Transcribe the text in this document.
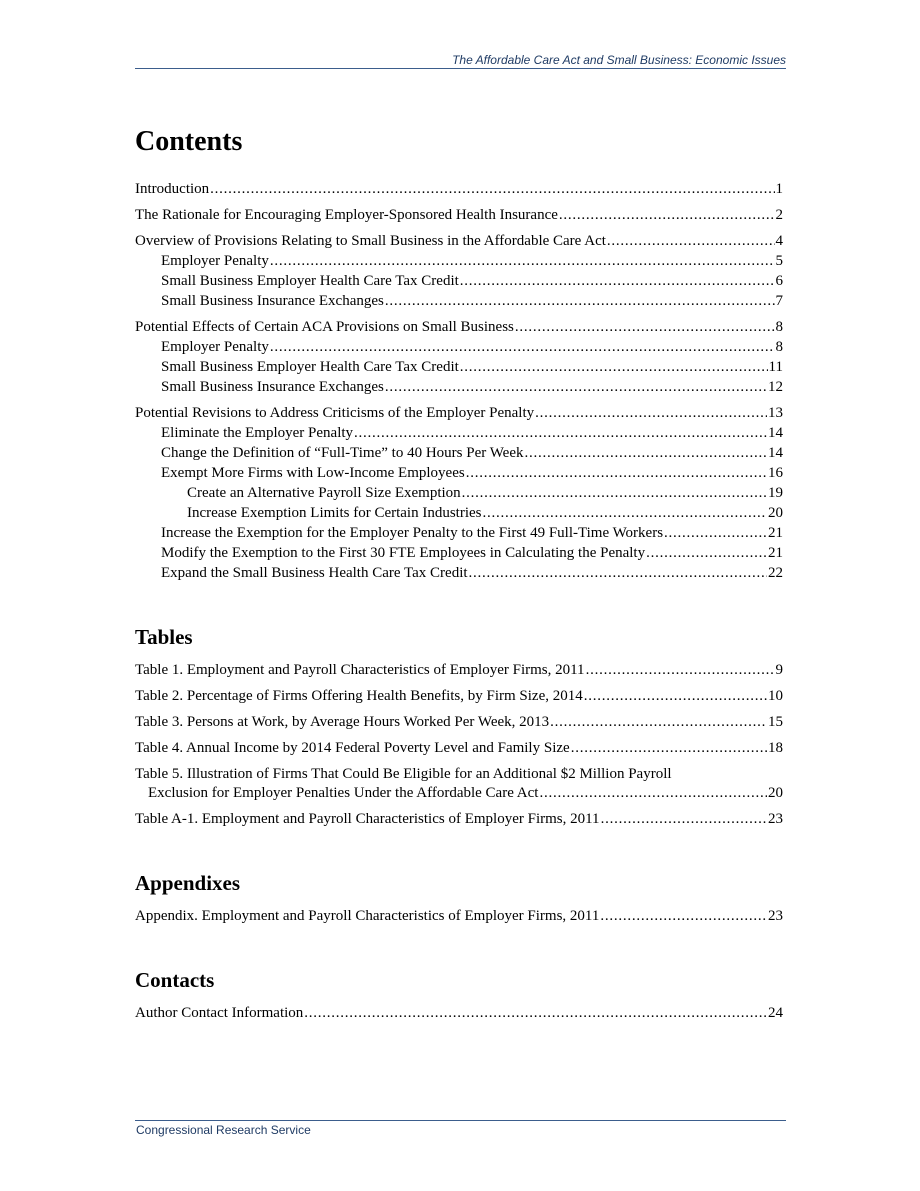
The Affordable Care Act and Small Business: Economic Issues
Contents
Introduction . . .	1
The Rationale for Encouraging Employer-Sponsored Health Insurance . . .	2
Overview of Provisions Relating to Small Business in the Affordable Care Act . . .	4
Employer Penalty . . .	5
Small Business Employer Health Care Tax Credit . . .	6
Small Business Insurance Exchanges . . .	7
Potential Effects of Certain ACA Provisions on Small Business . . .	8
Employer Penalty . . .	8
Small Business Employer Health Care Tax Credit . . .	11
Small Business Insurance Exchanges . . .	12
Potential Revisions to Address Criticisms of the Employer Penalty . . .	13
Eliminate the Employer Penalty . . .	14
Change the Definition of “Full-Time” to 40 Hours Per Week . . .	14
Exempt More Firms with Low-Income Employees . . .	16
Create an Alternative Payroll Size Exemption . . .	19
Increase Exemption Limits for Certain Industries . . .	20
Increase the Exemption for the Employer Penalty to the First 49 Full-Time Workers . . .	21
Modify the Exemption to the First 30 FTE Employees in Calculating the Penalty . . .	21
Expand the Small Business Health Care Tax Credit . . .	22
Tables
Table 1. Employment and Payroll Characteristics of Employer Firms, 2011 . . .	9
Table 2. Percentage of Firms Offering Health Benefits, by Firm Size, 2014 . . .	10
Table 3. Persons at Work, by Average Hours Worked Per Week, 2013 . . .	15
Table 4. Annual Income by 2014 Federal Poverty Level and Family Size . . .	18
Table 5. Illustration of Firms That Could Be Eligible for an Additional $2 Million Payroll
Exclusion for Employer Penalties Under the Affordable Care Act . . .	20
Table A-1. Employment and Payroll Characteristics of Employer Firms, 2011 . . .	23
Appendixes
Appendix. Employment and Payroll Characteristics of Employer Firms, 2011 . . .	23
Contacts
Author Contact Information . . .	24
Congressional Research Service
